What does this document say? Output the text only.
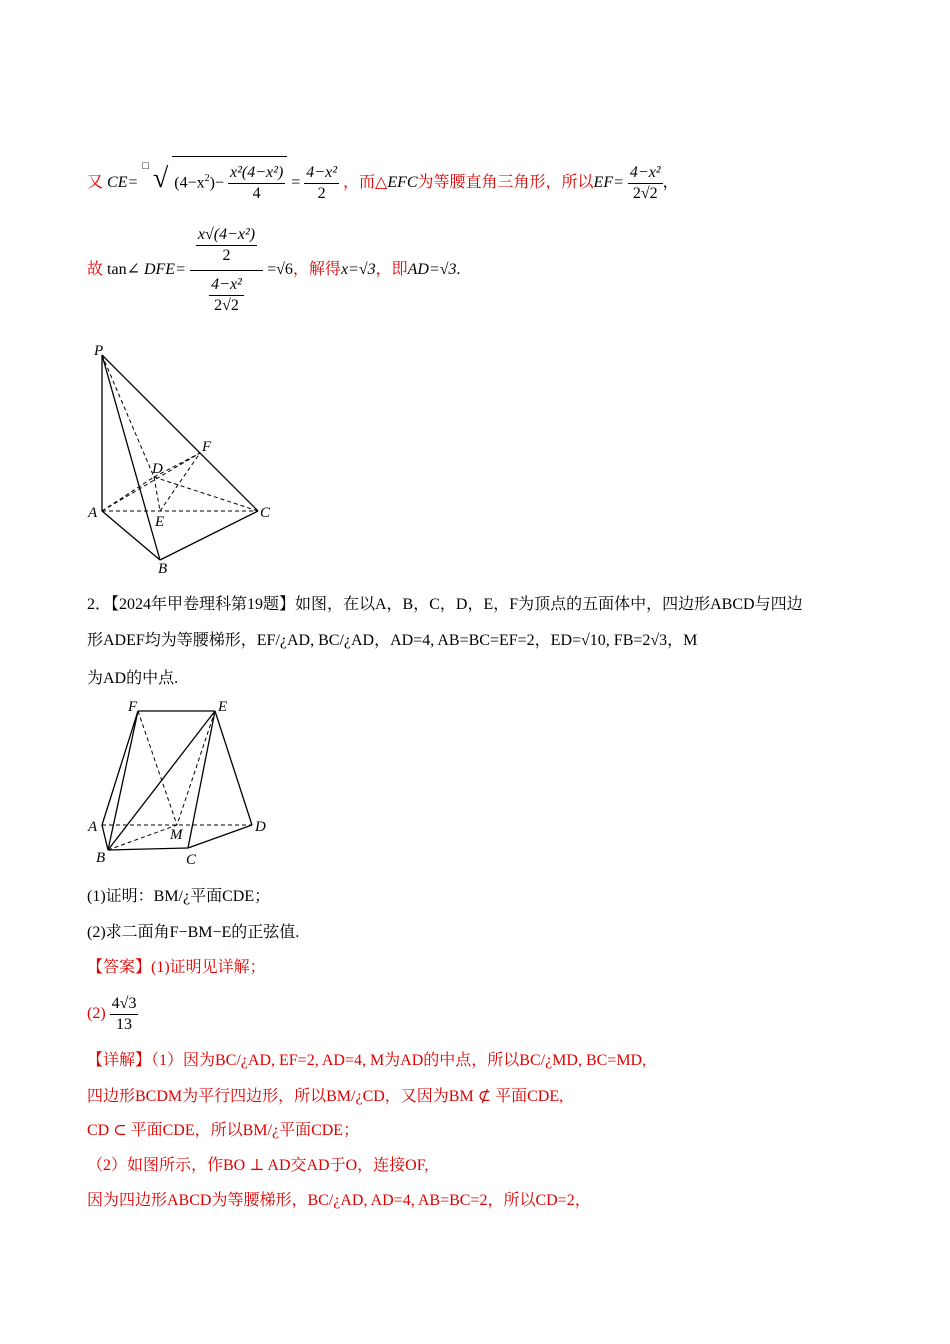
又 CE= □ √ $(4-x^2)- \frac{\text{x²(4−x²)}}{4} = \frac{\text{4−x²}}{2}$ ，而△EFC为等腰直角三角形，所以$EF= \frac{\text{4−x²}}{2√2}$ ，
故 tan∠ $DFE= \frac{\frac{\text{x√(4−x²)}}{2}}{\frac{\text{4−x²}}{2√2}} =√6$，解得x=√3，即AD=√3.
P
F
D
A
E
C
B
2．【2024年甲卷理科第19题】如图，在以A，B，C，D，E，F为顶点的五面体中，四边形ABCD与四边
形ADEF均为等腰梯形，EF/¿AD, BC/¿AD，AD=4, AB=BC=EF=2，ED=√10, FB=2√3，M
为AD的中点.
F	E
A	M	D
B	C
(1)证明：BM/¿平面CDE；
(2)求二面角F−BM−E的正弦值.
【答案】(1)证明见详解；
$(2) \frac{4√3}{13}$
【详解】（1）因为BC/¿AD, EF=2, AD=4, M为AD的中点，所以BC/¿MD, BC=MD,
四边形BCDM为平行四边形，所以BM/¿CD，又因为BM ⊄ 平面CDE,
CD ⊂ 平面CDE，所以BM/¿平面CDE；
（2）如图所示，作BO ⊥ AD交AD于O，连接OF,
因为四边形ABCD为等腰梯形，BC/¿AD, AD=4, AB=BC=2，所以CD=2，
